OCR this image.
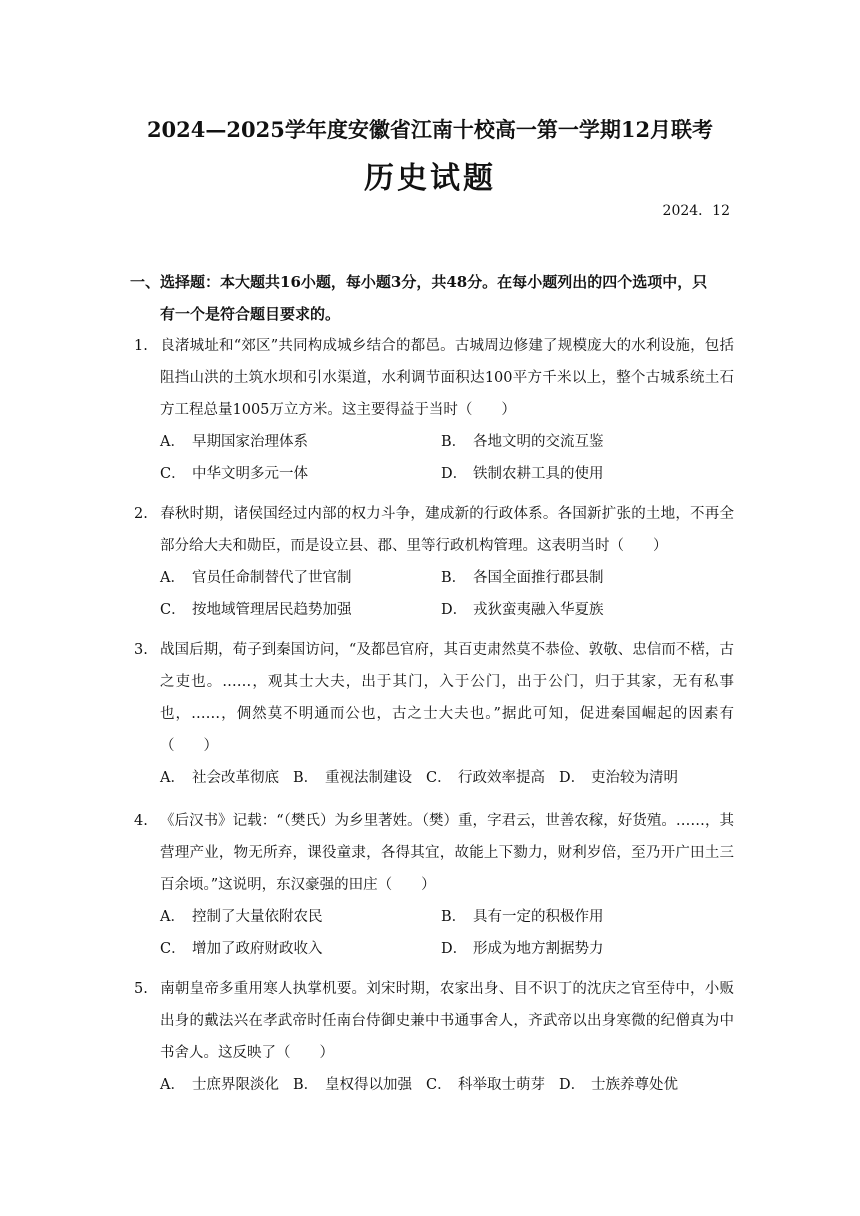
2024—2025学年度安徽省江南十校高一第一学期12月联考
历史试题
2024．12
一、选择题：本大题共16小题，每小题3分，共48分。在每小题列出的四个选项中，只
有一个是符合题目要求的。
1. 良渚城址和“郊区”共同构成城乡结合的都邑。古城周边修建了规模庞大的水利设施，包括阻挡山洪的土筑水坝和引水渠道，水利调节面积达100平方千米以上，整个古城系统土石方工程总量1005万立方米。这主要得益于当时（　　）
A． 早期国家治理体系	B． 各地文明的交流互鉴
C． 中华文明多元一体	D． 铁制农耕工具的使用
2. 春秋时期，诸侯国经过内部的权力斗争，建成新的行政体系。各国新扩张的土地，不再全部分给大夫和勋臣，而是设立县、郡、里等行政机构管理。这表明当时（　　）
A． 官员任命制替代了世官制	B． 各国全面推行郡县制
C． 按地域管理居民趋势加强	D． 戎狄蛮夷融入华夏族
3. 战国后期，荀子到秦国访问，“及都邑官府，其百吏肃然莫不恭俭、敦敬、忠信而不楛，古之吏也。……，观其士大夫，出于其门，入于公门，出于公门，归于其家，无有私事也，……，倜然莫不明通而公也，古之士大夫也。”据此可知，促进秦国崛起的因素有（　　）
A． 社会改革彻底 B． 重视法制建设 C． 行政效率提高 D． 吏治较为清明
4. 《后汉书》记载：“（樊氏）为乡里著姓。（樊）重，字君云，世善农稼，好货殖。……，其营理产业，物无所弃，课役童隶，各得其宜，故能上下勠力，财利岁倍，至乃开广田土三百余顷。”这说明，东汉豪强的田庄（　　）
A． 控制了大量依附农民	B． 具有一定的积极作用
C． 增加了政府财政收入	D． 形成为地方割据势力
5. 南朝皇帝多重用寒人执掌机要。刘宋时期，农家出身、目不识丁的沈庆之官至侍中，小贩出身的戴法兴在孝武帝时任南台侍御史兼中书通事舍人，齐武帝以出身寒微的纪僧真为中书舍人。这反映了（　　）
A． 士庶界限淡化 B． 皇权得以加强 C． 科举取士萌芽 D． 士族养尊处优
